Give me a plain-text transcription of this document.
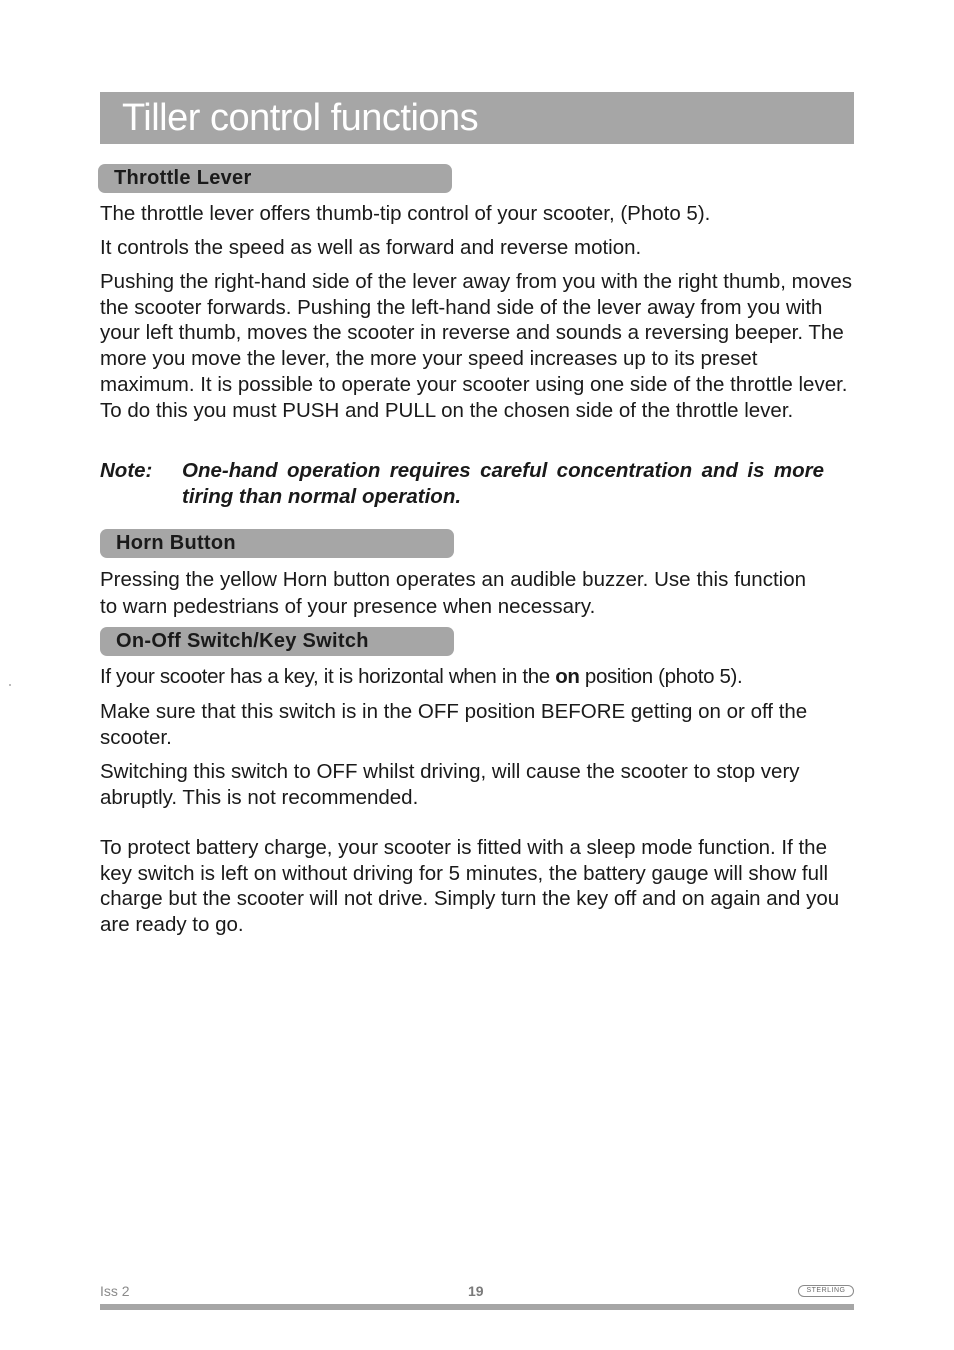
Tiller control functions
Throttle Lever

The throttle lever offers thumb-tip control of your scooter, (Photo 5).

It controls the speed as well as forward and reverse motion.

Pushing the right-hand side of the lever away from you with the right thumb, moves the scooter forwards. Pushing the left-hand side of the lever away from you with your left thumb, moves the scooter in reverse and sounds a reversing beeper. The more you move the lever, the more your speed increases up to its preset maximum. It is possible to operate your scooter using one side of the throttle lever. To do this you must PUSH and PULL on the chosen side of the throttle lever.

Note: One-hand operation requires careful concentration and is more tiring than normal operation.
Horn Button

Pressing the yellow Horn button operates an audible buzzer. Use this function to warn pedestrians of your presence when necessary.

On-Off Switch/Key Switch

If your scooter has a key, it is horizontal when in the on position (photo 5).

Make sure that this switch is in the OFF position BEFORE getting on or off the scooter.

Switching this switch to OFF whilst driving, will cause the scooter to stop very abruptly. This is not recommended.

To protect battery charge, your scooter is fitted with a sleep mode function. If the key switch is left on without driving for 5 minutes, the battery gauge will show full charge but the scooter will not drive. Simply turn the key off and on again and you are ready to go.

Iss 2	19	STERLING
